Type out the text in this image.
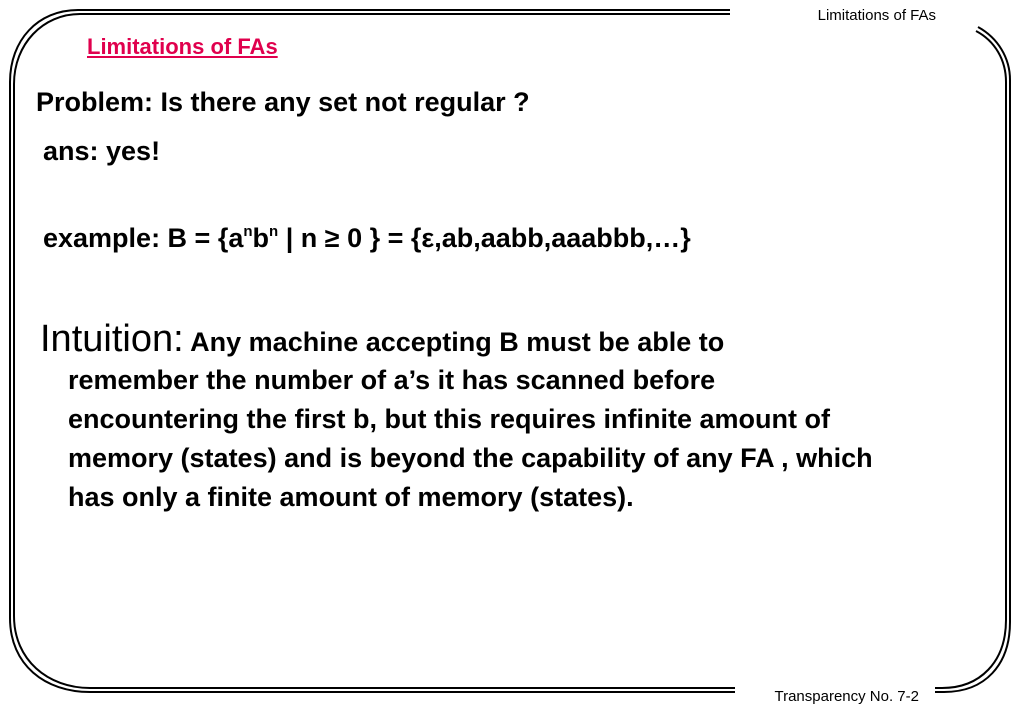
Limitations of FAs
Limitations of FAs
Problem: Is there any set not regular ?
ans: yes!
example: $B = \{a^nb^n$ | n ≥ 0 } = {ε,ab,aabb,aaabbb,…}
Intuition: Any machine accepting B must be able to
remember the number of a’s it has scanned before
encountering the first b, but this requires infinite amount of
memory (states) and is beyond the capability of any FA , which
has only a finite amount of memory (states).
Transparency No. 7-2
